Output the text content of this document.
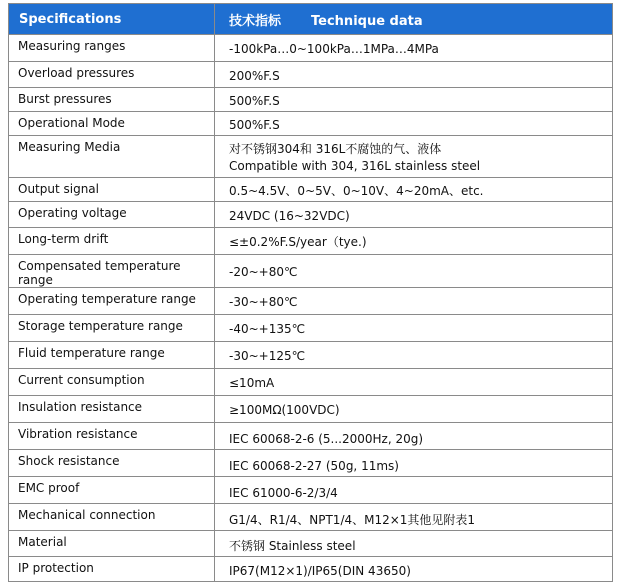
Specifications	技术指标 Technique data
Measuring ranges	-100kPa…0~100kPa…1MPa…4MPa
Overload pressures	200%F.S
Burst pressures	500%F.S
Operational Mode	500%F.S
Measuring Media	对不锈钢304和 316L不腐蚀的气、液体
Compatible with 304, 316L stainless steel

Output signal	0.5~4.5V、0~5V、0~10V、4~20mA、etc.
Operating voltage	24VDC (16~32VDC)
Long-term drift	≤±0.2%F.S/year（tye.)
Compensated temperature range	-20~+80℃
Operating temperature range	-30~+80℃
Storage temperature range	-40~+135℃
Fluid temperature range	-30~+125℃
Current consumption	≤10mA
Insulation resistance	≥100MΩ(100VDC)
Vibration resistance	IEC 60068-2-6 (5...2000Hz, 20g)
Shock resistance	IEC 60068-2-27 (50g, 11ms)
EMC proof	IEC 61000-6-2/3/4
Mechanical connection	G1/4、R1/4、NPT1/4、M12×1其他见附表1
Material	不锈钢 Stainless steel
IP protection	IP67(M12×1)/IP65(DIN 43650)
